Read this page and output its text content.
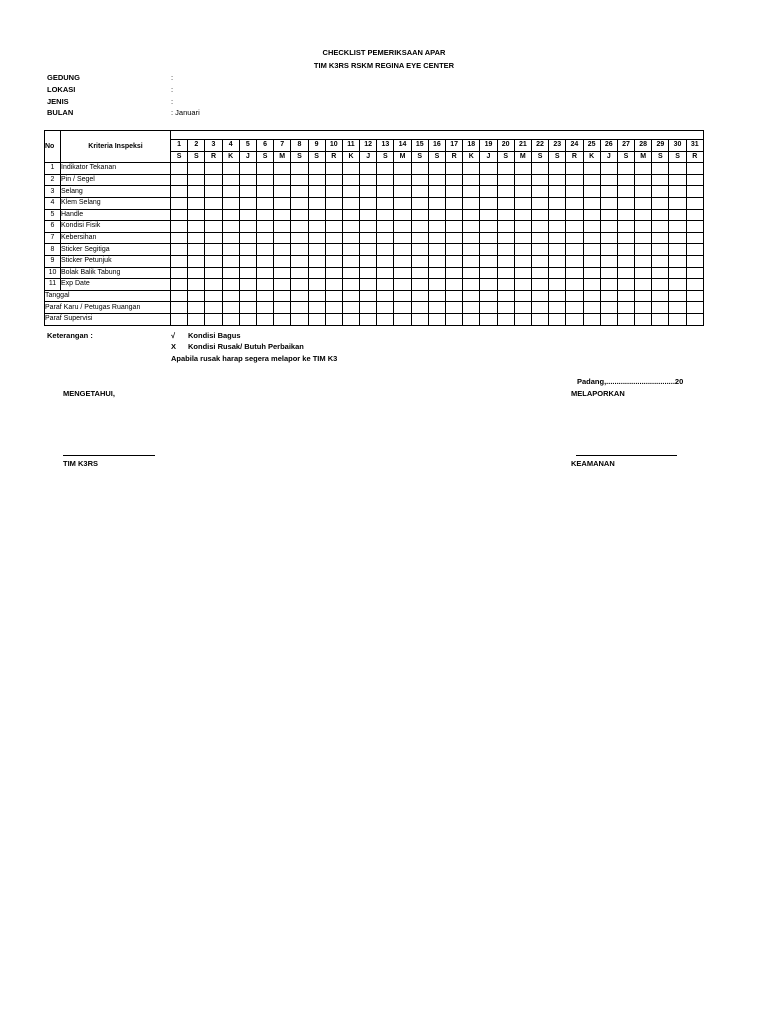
CHECKLIST PEMERIKSAAN APAR
TIM K3RS RSKM REGINA EYE CENTER
GEDUNG	:
LOKASI	:
JENIS	:
BULAN	: Januari
No	Kriteria Inspeksi																															
		1	2	3	4	5	6	7	8	9	10	11	12	13	14	15	16	17	18	19	20	21	22	23	24	25	26	27	28	29	30	31
		S	S	R	K	J	S	M	S	S	R	K	J	S	M	S	S	R	K	J	S	M	S	S	R	K	J	S	M	S	S	R
1	Indikator Tekanan																															
2	Pin / Segel																															
3	Selang																															
4	Klem Selang																															
5	Handle																															
6	Kondisi Fisik																															
7	Kebersihan																															
8	Sticker Segitiga																															
9	Sticker Petunjuk																															
10	Bolak Balik Tabung																															
11	Exp Date																															
Tanggal																																
Paraf Karu / Petugas Ruangan																																
Paraf Supervisi																																
Keterangan :	√ Kondisi Bagus
X Kondisi Rusak/ Butuh Perbaikan
Apabila rusak harap segera melapor ke TIM K3
Padang,.................................20
MENGETAHUI,	MELAPORKAN
TIM K3RS	KEAMANAN
